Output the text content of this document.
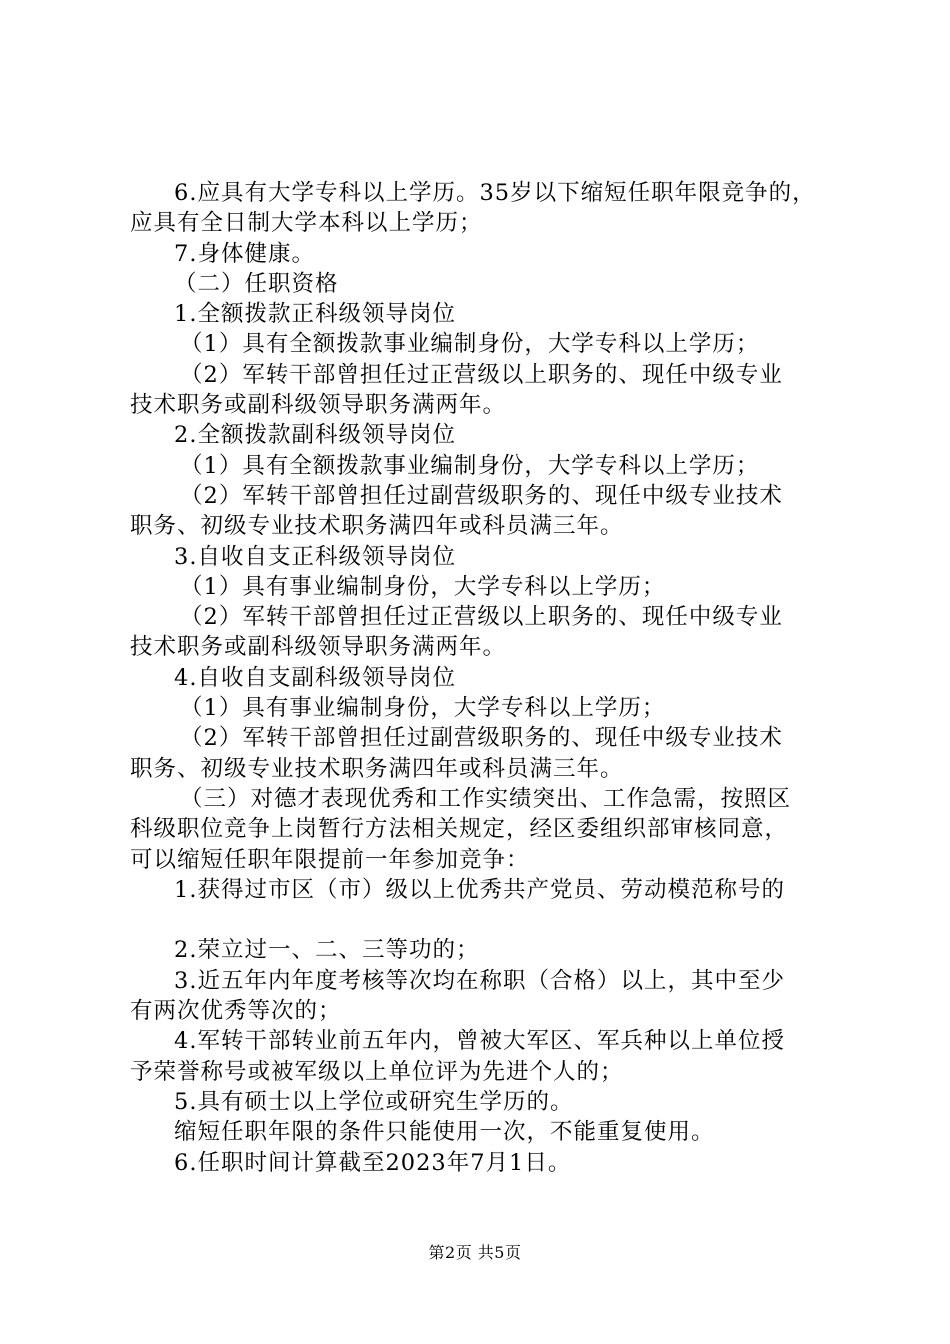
6.应具有大学专科以上学历。35岁以下缩短任职年限竞争的，
应具有全日制大学本科以上学历；
7.身体健康。
（二）任职资格
1.全额拨款正科级领导岗位
（1）具有全额拨款事业编制身份，大学专科以上学历；
（2）军转干部曾担任过正营级以上职务的、现任中级专业
技术职务或副科级领导职务满两年。
2.全额拨款副科级领导岗位
（1）具有全额拨款事业编制身份，大学专科以上学历；
（2）军转干部曾担任过副营级职务的、现任中级专业技术
职务、初级专业技术职务满四年或科员满三年。
3.自收自支正科级领导岗位
（1）具有事业编制身份，大学专科以上学历；
（2）军转干部曾担任过正营级以上职务的、现任中级专业
技术职务或副科级领导职务满两年。
4.自收自支副科级领导岗位
（1）具有事业编制身份，大学专科以上学历；
（2）军转干部曾担任过副营级职务的、现任中级专业技术
职务、初级专业技术职务满四年或科员满三年。
（三）对德才表现优秀和工作实绩突出、工作急需，按照区
科级职位竞争上岗暂行方法相关规定，经区委组织部审核同意，
可以缩短任职年限提前一年参加竞争：
1.获得过市区（市）级以上优秀共产党员、劳动模范称号的
2.荣立过一、二、三等功的；
3.近五年内年度考核等次均在称职（合格）以上，其中至少
有两次优秀等次的；
4.军转干部转业前五年内，曾被大军区、军兵种以上单位授
予荣誉称号或被军级以上单位评为先进个人的；
5.具有硕士以上学位或研究生学历的。
缩短任职年限的条件只能使用一次，不能重复使用。
6.任职时间计算截至2023年7月1日。
第2页 共5页
